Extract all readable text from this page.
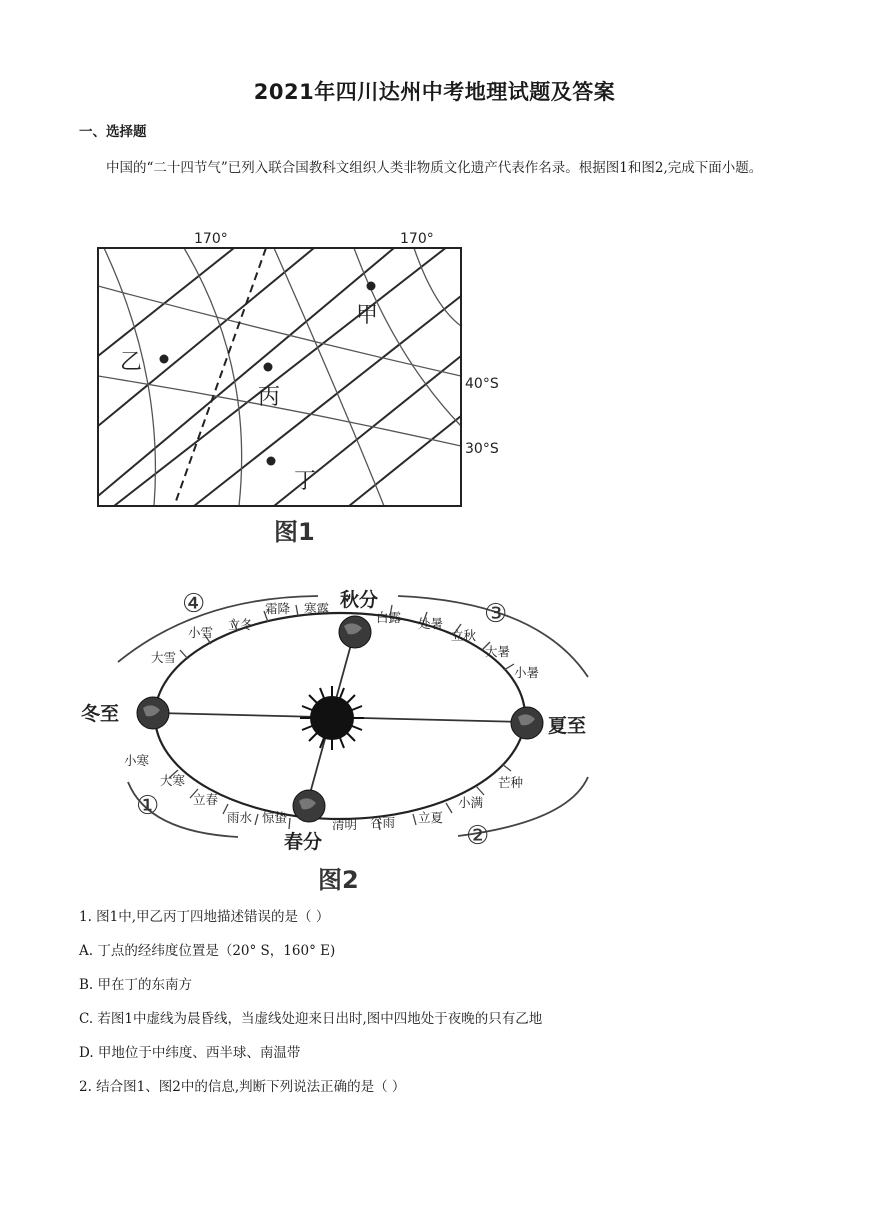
2021年四川达州中考地理试题及答案
一、选择题
中国的“二十四节气”已列入联合国教科文组织人类非物质文化遗产代表作名录。根据图1和图2,完成下面小题。
甲
乙
丙
丁
170°	170°
40°S
30°S
图1
秋分
冬至
夏至
春分
④	③
①
②
立冬
霜降 寒露
小雪
大雪
白露 处暑
立秋
大暑
小暑
小寒
大寒
立春
雨水 惊蛰	清明 谷雨 立夏
小满
芒种
图2
1. 图1中,甲乙丙丁四地描述错误的是（ ）
A. 丁点的经纬度位置是（20° S，160° E)
B. 甲在丁的东南方
C. 若图1中虚线为晨昏线，当虚线处迎来日出时,图中四地处于夜晚的只有乙地
D. 甲地位于中纬度、西半球、南温带
2. 结合图1、图2中的信息,判断下列说法正确的是（ ）
